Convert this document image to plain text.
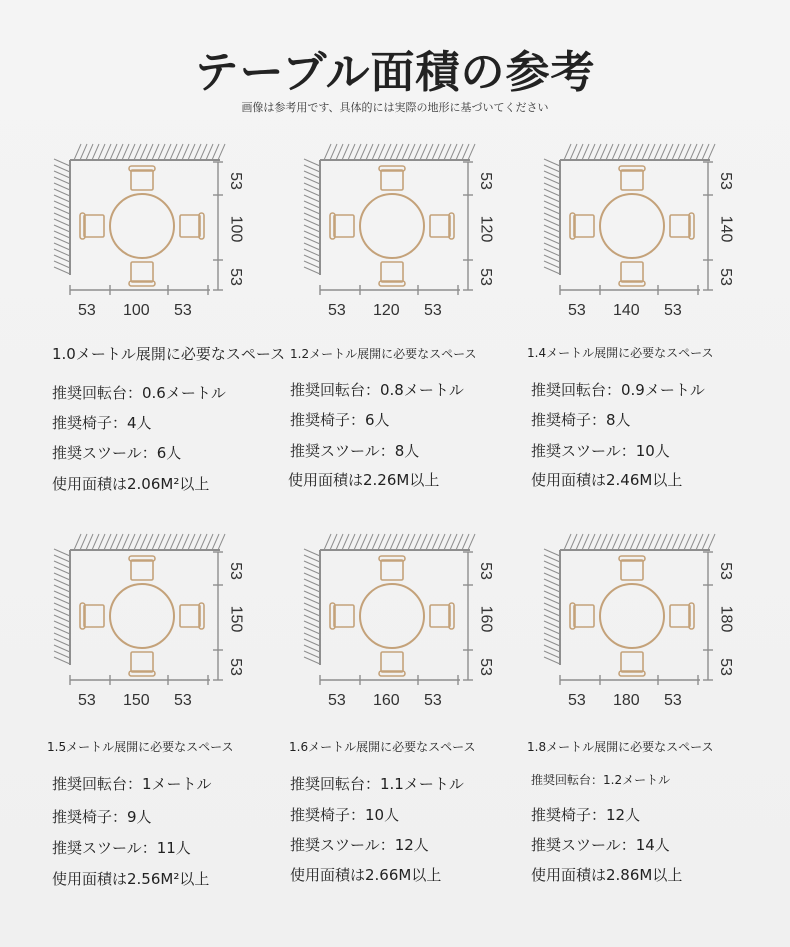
テーブル面積の参考
画像は参考用です、具体的には実際の地形に基づいてください
53
100
53
53 100 53
53
120
53
53 120 53
53
140
53
53 140 53
53
150
53
53 150 53
53
160
53
53 160 53
53
180
53
53 180 53
1.0メートル展開に必要なスペース
推奨回転台：0.6メートル
推奨椅子：4人
推奨スツール：6人
使用面積は2.06M²以上
1.2メートル展開に必要なスペース
推奨回転台：0.8メートル
推奨椅子：6人
推奨スツール：8人
使用面積は2.26M以上
1.4メートル展開に必要なスペース
推奨回転台：0.9メートル
推奨椅子：8人
推奨スツール：10人
使用面積は2.46M以上
1.5メートル展開に必要なスペース
推奨回転台：1メートル
推奨椅子：9人
推奨スツール：11人
使用面積は2.56M²以上
1.6メートル展開に必要なスペース
推奨回転台：1.1メートル
推奨椅子：10人
推奨スツール：12人
使用面積は2.66M以上
1.8メートル展開に必要なスペース
推奨回転台：1.2メートル
推奨椅子：12人
推奨スツール：14人
使用面積は2.86M以上
